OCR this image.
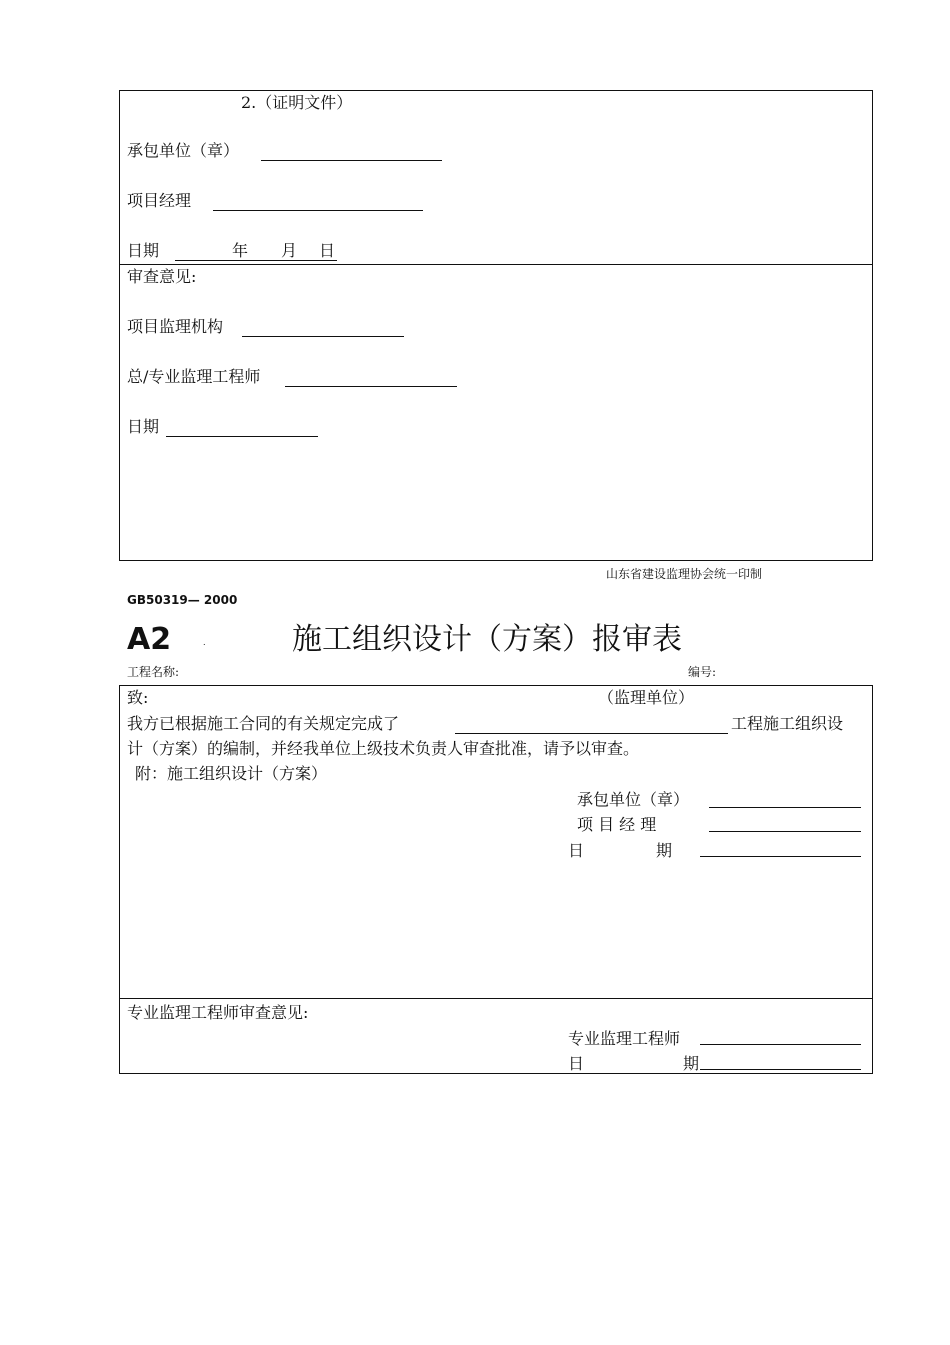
2.（证明文件）
承包单位（章）
项目经理
日期	年 月 日
审查意见:
项目监理机构
总/专业监理工程师
日期
山东省建设监理协会统一印制
GB50319— 2000
A2	.	施工组织设计（方案）报审表
工程名称:	编号:
致:	（监理单位）
我方已根据施工合同的有关规定完成了	工程施工组织设
计（方案）的编制，并经我单位上级技术负责人审查批准，请予以审查。
附：施工组织设计（方案）
承包单位（章）
项 目 经 理
日	期
专业监理工程师审查意见:
专业监理工程师
日	期
